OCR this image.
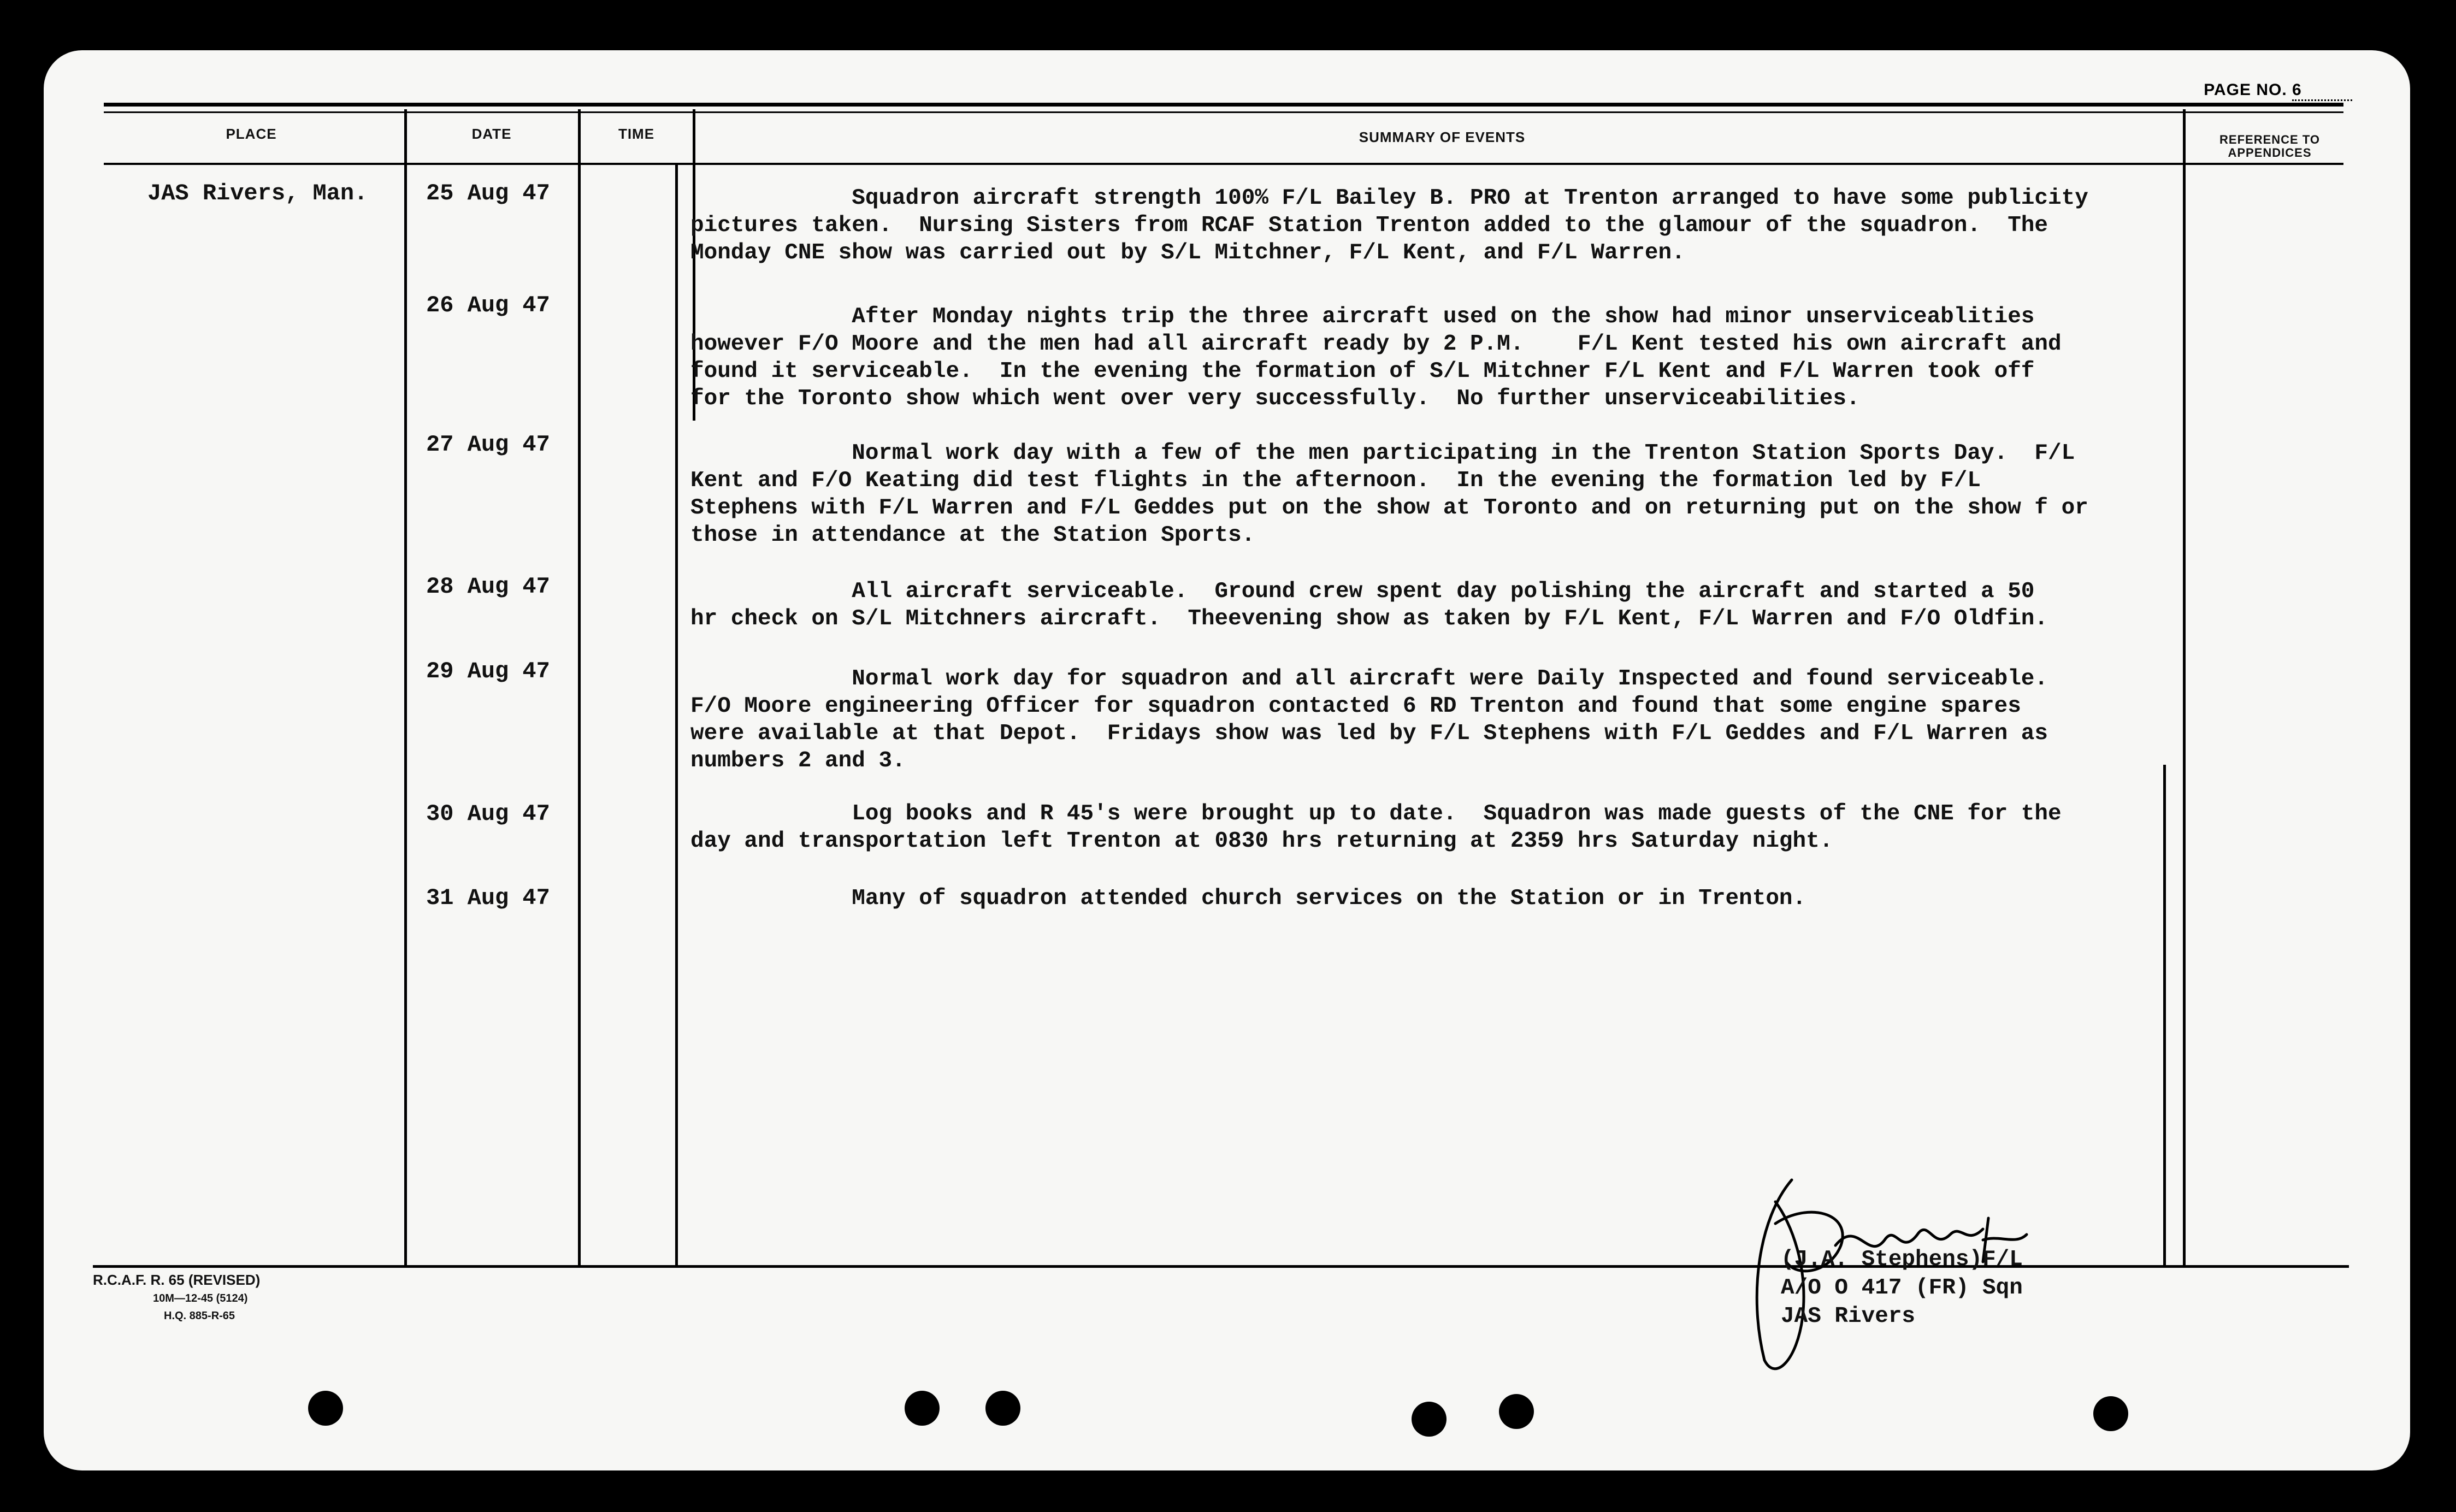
PAGE NO. 6
PLACE	DATE	TIME	SUMMARY OF EVENTS	REFERENCE TO
APPENDICES
JAS Rivers, Man.	25 Aug 47	Squadron aircraft strength 100% F/L Bailey B. PRO at Trenton arranged to have some publicity
pictures taken.  Nursing Sisters from RCAF Station Trenton added to the glamour of the squadron.  The
Monday CNE show was carried out by S/L Mitchner, F/L Kent, and F/L Warren.
26 Aug 47	After Monday nights trip the three aircraft used on the show had minor unserviceablities
however F/O Moore and the men had all aircraft ready by 2 P.M.    F/L Kent tested his own aircraft and
found it serviceable.  In the evening the formation of S/L Mitchner F/L Kent and F/L Warren took off
for the Toronto show which went over very successfully.  No further unserviceabilities.
27 Aug 47	Normal work day with a few of the men participating in the Trenton Station Sports Day.  F/L
Kent and F/O Keating did test flights in the afternoon.  In the evening the formation led by F/L
Stephens with F/L Warren and F/L Geddes put on the show at Toronto and on returning put on the show f or
those in attendance at the Station Sports.
28 Aug 47	All aircraft serviceable.  Ground crew spent day polishing the aircraft and started a 50
hr check on S/L Mitchners aircraft.  Theevening show as taken by F/L Kent, F/L Warren and F/O Oldfin.
29 Aug 47	Normal work day for squadron and all aircraft were Daily Inspected and found serviceable.
F/O Moore engineering Officer for squadron contacted 6 RD Trenton and found that some engine spares
were available at that Depot.  Fridays show was led by F/L Stephens with F/L Geddes and F/L Warren as
numbers 2 and 3.
30 Aug 47	Log books and R 45's were brought up to date.  Squadron was made guests of the CNE for the
day and transportation left Trenton at 0830 hrs returning at 2359 hrs Saturday night.
31 Aug 47	Many of squadron attended church services on the Station or in Trenton.
(J.A. Stephens)F/L
A/O O 417 (FR) Sqn
JAS Rivers
R.C.A.F. R. 65 (REVISED)
10M—12-45 (5124)
H.Q. 885-R-65
